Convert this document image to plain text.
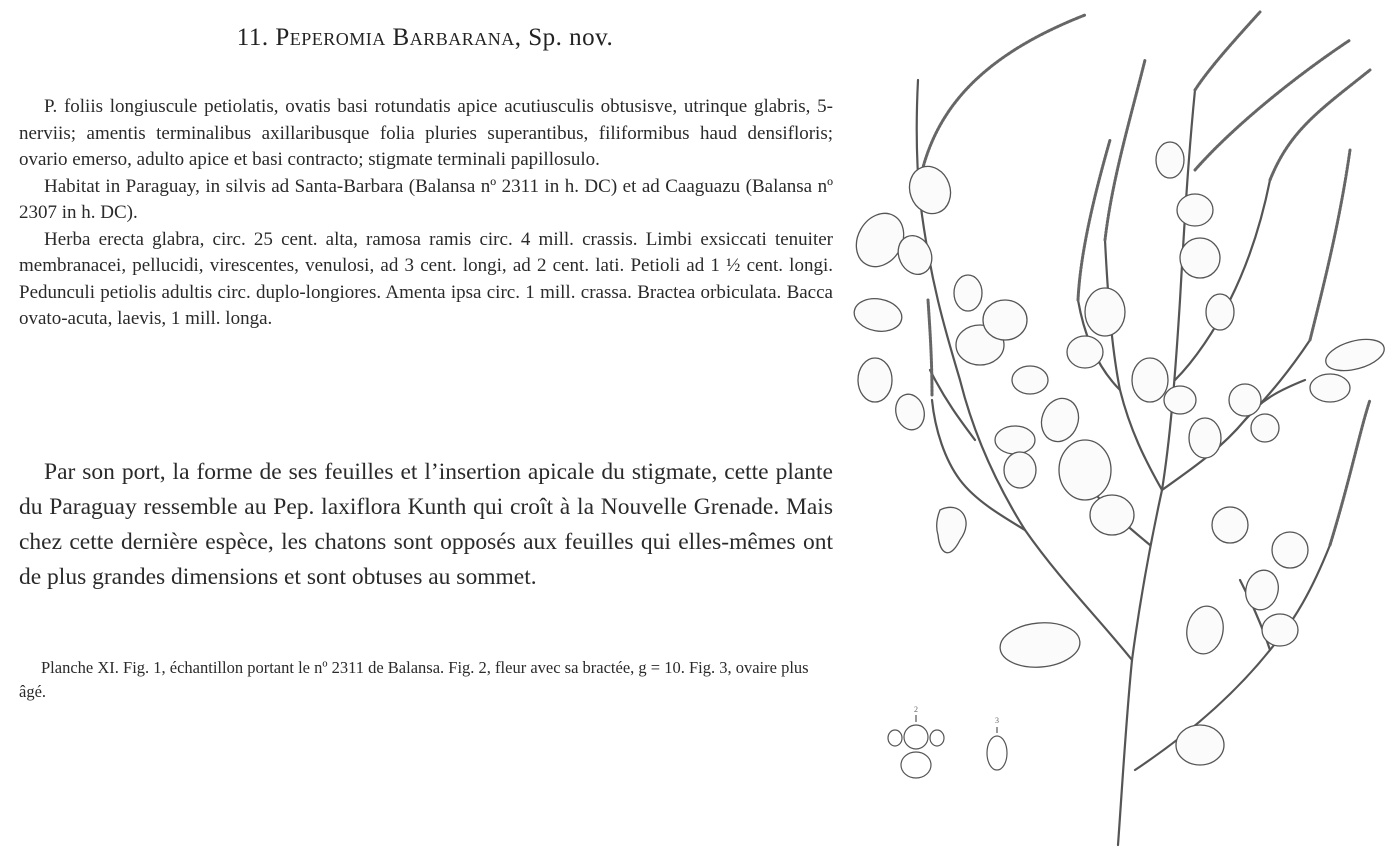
11. Peperomia Barbarana, Sp. nov.

P. foliis longiuscule petiolatis, ovatis basi rotundatis apice acutiusculis obtusisve, utrinque glabris, 5-nerviis; amentis terminalibus axillaribusque folia pluries superantibus, filiformibus haud densifloris; ovario emerso, adulto apice et basi contracto; stigmate terminali papillosulo.

Habitat in Paraguay, in silvis ad Santa-Barbara (Balansa nº 2311 in h. DC) et ad Caaguazu (Balansa nº 2307 in h. DC).

Herba erecta glabra, circ. 25 cent. alta, ramosa ramis circ. 4 mill. crassis. Limbi exsiccati tenuiter membranacei, pellucidi, virescentes, venulosi, ad 3 cent. longi, ad 2 cent. lati. Petioli ad 1 ½ cent. longi. Pedunculi petiolis adultis circ. duplo-longiores. Amenta ipsa circ. 1 mill. crassa. Bractea orbiculata. Bacca ovato-acuta, laevis, 1 mill. longa.

Par son port, la forme de ses feuilles et l’insertion apicale du stigmate, cette plante du Paraguay ressemble au Pep. laxiflora Kunth qui croît à la Nouvelle Grenade. Mais chez cette dernière espèce, les chatons sont opposés aux feuilles qui elles-mêmes ont de plus grandes dimensions et sont obtuses au sommet.

Planche XI. Fig. 1, échantillon portant le nº 2311 de Balansa. Fig. 2, fleur avec sa bractée, g = 10. Fig. 3, ovaire plus âgé.

2
3
